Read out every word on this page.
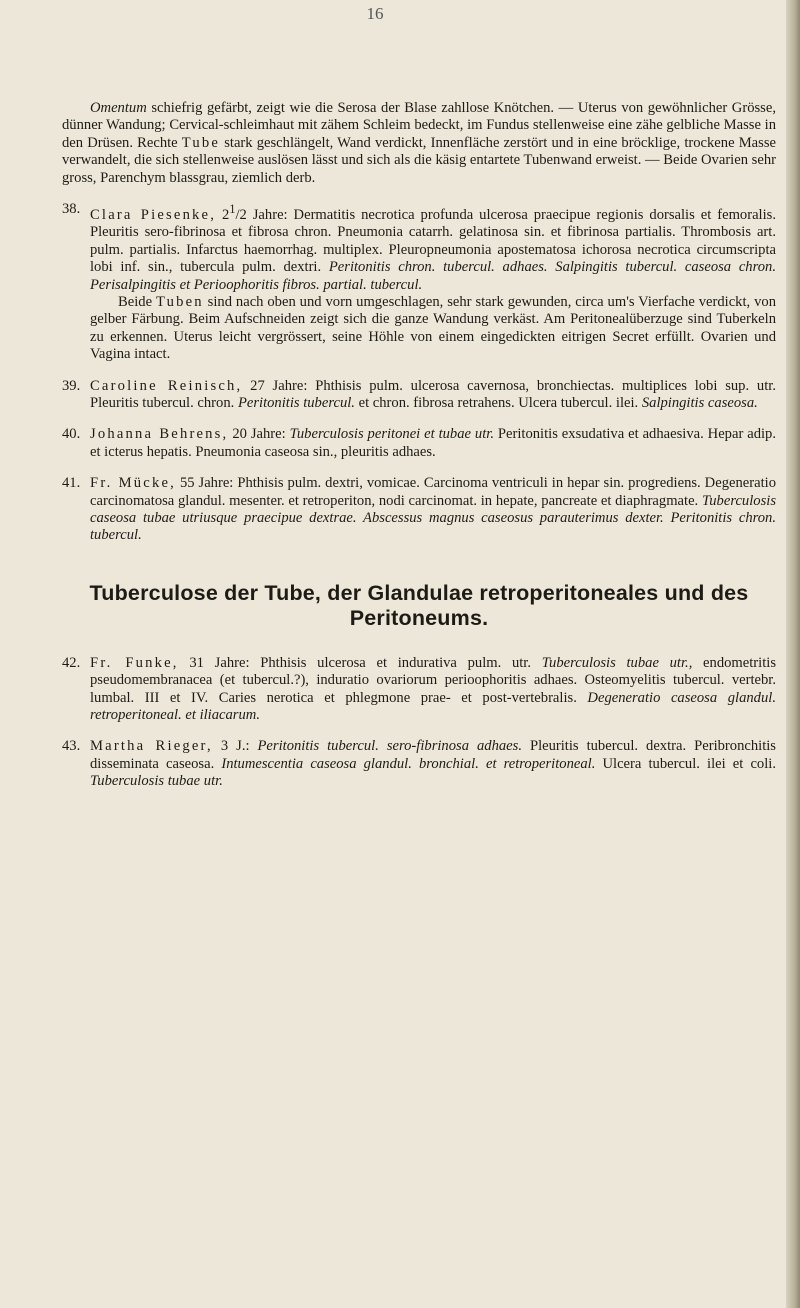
16

Omentum schiefrig gefärbt, zeigt wie die Serosa der Blase zahllose Knötchen. — Uterus von gewöhnlicher Grösse, dünner Wandung; Cervical-schleimhaut mit zähem Schleim bedeckt, im Fundus stellenweise eine zähe gelbliche Masse in den Drüsen. Rechte Tube stark geschlängelt, Wand verdickt, Innenfläche zerstört und in eine bröcklige, trockene Masse verwandelt, die sich stellenweise auslösen lässt und sich als die käsig entartete Tubenwand erweist. — Beide Ovarien sehr gross, Parenchym blassgrau, ziemlich derb.

38. Clara Piesenke, $2^1/2$ Jahre: Dermatitis necrotica profunda ulcerosa praecipue regionis dorsalis et femoralis. Pleuritis sero-fibrinosa et fibrosa chron. Pneumonia catarrh. gelatinosa sin. et fibrinosa partialis. Thrombosis art. pulm. partialis. Infarctus haemorrhag. multiplex. Pleuropneumonia apostematosa ichorosa necrotica circumscripta lobi inf. sin., tubercula pulm. dextri. Peritonitis chron. tubercul. adhaes. Salpingitis tubercul. caseosa chron. Perisalpingitis et Perioophoritis fibros. partial. tubercul.

Beide Tuben sind nach oben und vorn umgeschlagen, sehr stark gewunden, circa um's Vierfache verdickt, von gelber Färbung. Beim Aufschneiden zeigt sich die ganze Wandung verkäst. Am Peritonealüberzuge sind Tuberkeln zu erkennen. Uterus leicht vergrössert, seine Höhle von einem eingedickten eitrigen Secret erfüllt. Ovarien und Vagina intact.

39. Caroline Reinisch, 27 Jahre: Phthisis pulm. ulcerosa cavernosa, bronchiectas. multiplices lobi sup. utr. Pleuritis tubercul. chron. Peritonitis tubercul. et chron. fibrosa retrahens. Ulcera tubercul. ilei. Salpingitis caseosa.

40. Johanna Behrens, 20 Jahre: Tuberculosis peritonei et tubae utr. Peritonitis exsudativa et adhaesiva. Hepar adip. et icterus hepatis. Pneumonia caseosa sin., pleuritis adhaes.

41. Fr. Mücke, 55 Jahre: Phthisis pulm. dextri, vomicae. Carcinoma ventriculi in hepar sin. progrediens. Degeneratio carcinomatosa glandul. mesenter. et retroperiton, nodi carcinomat. in hepate, pancreate et diaphragmate. Tuberculosis caseosa tubae utriusque praecipue dextrae. Abscessus magnus caseosus parauterimus dexter. Peritonitis chron. tubercul.

Tuberculose der Tube, der Glandulae retroperitoneales und des
Peritoneums.
42. Fr. Funke, 31 Jahre: Phthisis ulcerosa et indurativa pulm. utr. Tuberculosis tubae utr., endometritis pseudomembranacea (et tubercul.?), induratio ovariorum perioophoritis adhaes. Osteomyelitis tubercul. vertebr. lumbal. III et IV. Caries nerotica et phlegmone prae- et post-vertebralis. Degeneratio caseosa glandul. retroperitoneal. et iliacarum.

43. Martha Rieger, 3 J.: Peritonitis tubercul. sero-fibrinosa adhaes. Pleuritis tubercul. dextra. Peribronchitis disseminata caseosa. Intumescentia caseosa glandul. bronchial. et retroperitoneal. Ulcera tubercul. ilei et coli. Tuberculosis tubae utr.
